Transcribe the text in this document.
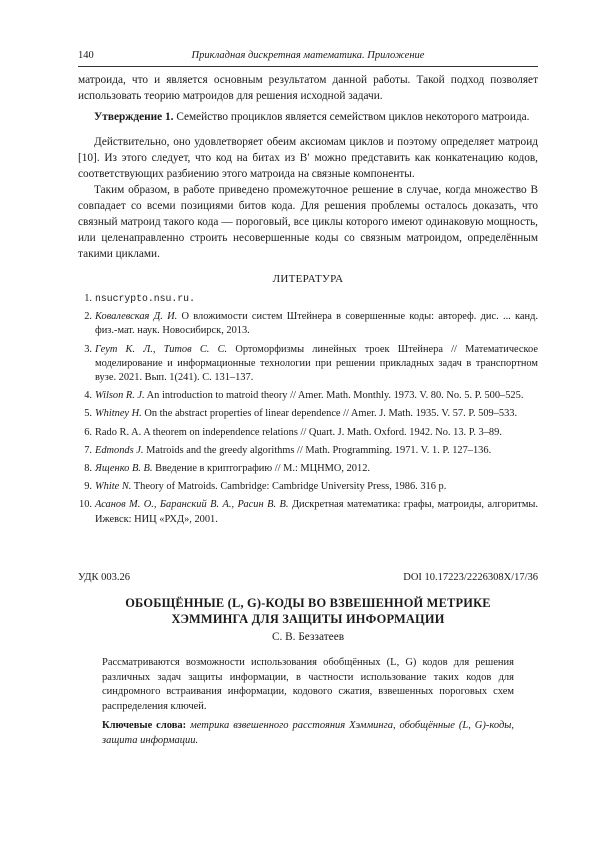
140	Прикладная дискретная математика. Приложение

матроида, что и является основным результатом данной работы. Такой подход позволяет использовать теорию матроидов для решения исходной задачи.

Утверждение 1. Семейство проциклов является семейством циклов некоторого матроида.

Действительно, оно удовлетворяет обеим аксиомам циклов и поэтому определяет матроид [10]. Из этого следует, что код на битах из B′ можно представить как конкатенацию кодов, соответствующих разбиению этого матроида на связные компоненты.

Таким образом, в работе приведено промежуточное решение в случае, когда множество B совпадает со всеми позициями битов кода. Для решения проблемы осталось доказать, что связный матроид такого кода — пороговый, все циклы которого имеют одинаковую мощность, или целенаправленно строить несовершенные коды со связным матроидом, определённым такими циклами.

ЛИТЕРАТУРА
1. nsucrypto.nsu.ru.
2. Ковалевская Д. И. О вложимости систем Штейнера в совершенные коды: автореф. дис. ... канд. физ.-мат. наук. Новосибирск, 2013.
3. Геут К. Л., Титов С. С. Ортоморфизмы линейных троек Штейнера // Математическое моделирование и информационные технологии при решении прикладных задач в транспортном вузе. 2021. Вып. 1(241). С. 131–137.
4. Wilson R. J. An introduction to matroid theory // Amer. Math. Monthly. 1973. V. 80. No. 5. P. 500–525.
5. Whitney H. On the abstract properties of linear dependence // Amer. J. Math. 1935. V. 57. P. 509–533.
6. Rado R. A. A theorem on independence relations // Quart. J. Math. Oxford. 1942. No. 13. P. 3–89.
7. Edmonds J. Matroids and the greedy algorithms // Math. Programming. 1971. V. 1. P. 127–136.
8. Ященко В. В. Введение в криптографию // М.: МЦНМО, 2012.
9. White N. Theory of Matroids. Cambridge: Cambridge University Press, 1986. 316 p.
10. Асанов М. О., Баранский В. А., Расин В. В. Дискретная математика: графы, матроиды, алгоритмы. Ижевск: НИЦ «РХД», 2001.
УДК 003.26	DOI 10.17223/2226308X/17/36
ОБОБЩЁННЫЕ (L, G)-КОДЫ ВО ВЗВЕШЕННОЙ МЕТРИКЕ
ХЭММИНГА ДЛЯ ЗАЩИТЫ ИНФОРМАЦИИ
С. В. Беззатеев

Рассматриваются возможности использования обобщённых (L, G) кодов для решения различных задач защиты информации, в частности использование таких кодов для синдромного встраивания информации, кодового сжатия, взвешенных пороговых схем распределения ключей.

Ключевые слова: метрика взвешенного расстояния Хэмминга, обобщённые (L, G)-коды, защита информации.
